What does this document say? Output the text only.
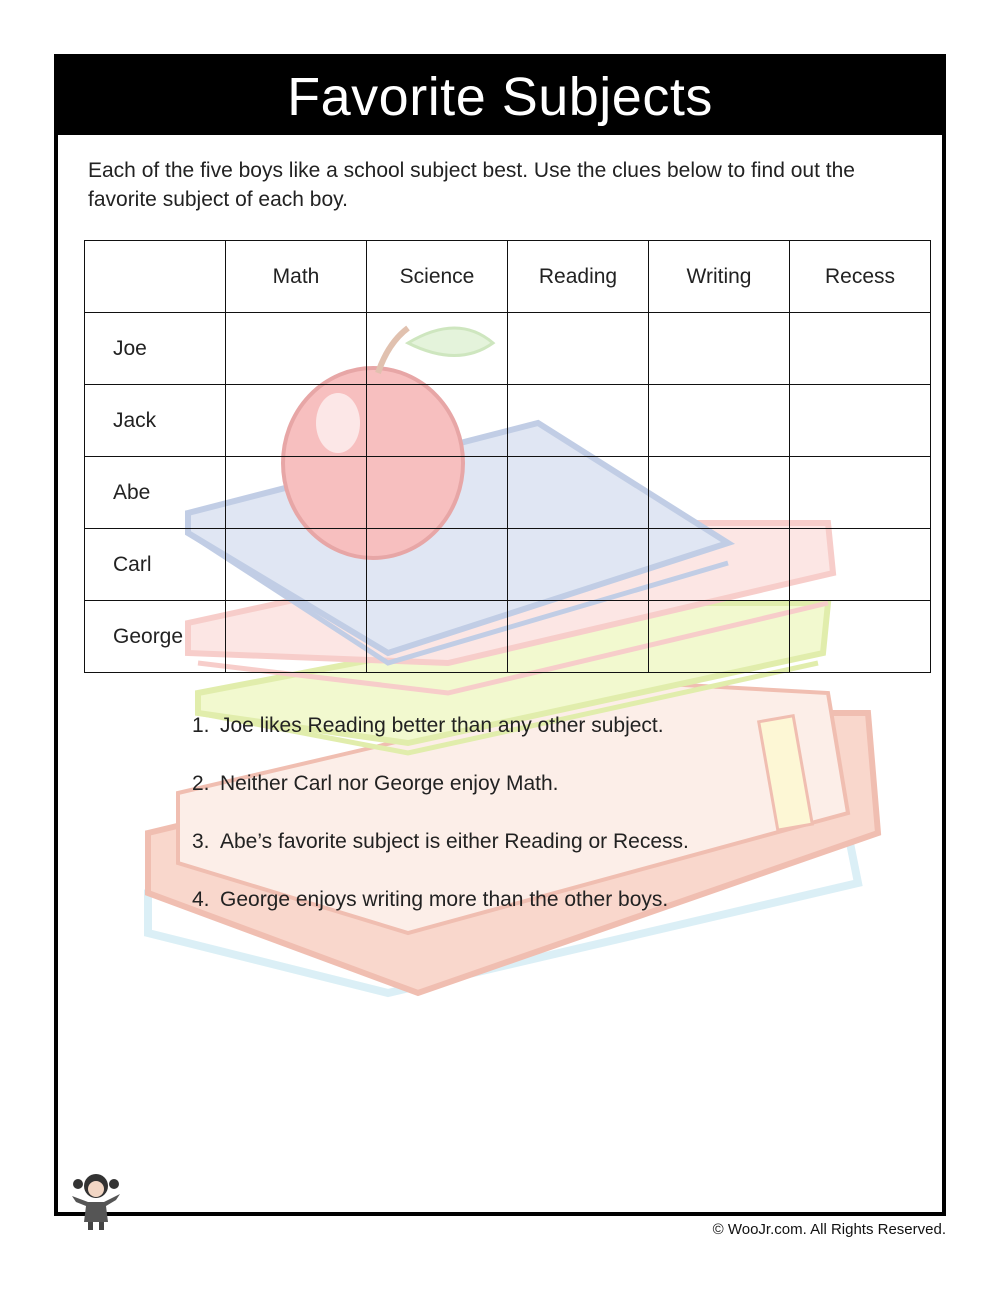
Favorite Subjects
Each of the five boys like a school subject best. Use the clues below to find out the favorite subject of each boy.
	Math	Science	Reading	Writing	Recess
Joe					
Jack					
Abe					
Carl					
George					
1. Joe likes Reading better than any other subject.
2. Neither Carl nor George enjoy Math.
3. Abe’s favorite subject is either Reading or Recess.
4. George enjoys writing more than the other boys.
© WooJr.com. All Rights Reserved.
